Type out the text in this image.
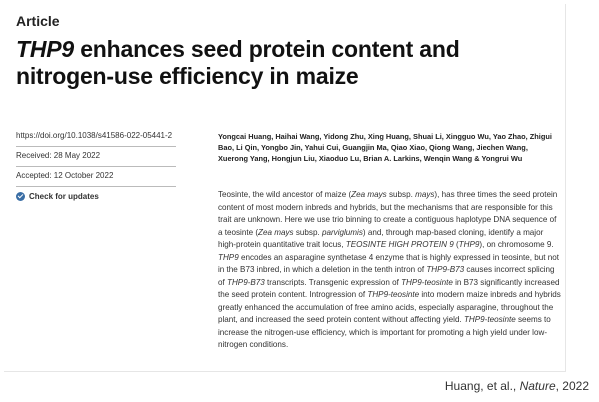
Article
THP9 enhances seed protein content and nitrogen-use efficiency in maize
https://doi.org/10.1038/s41586-022-05441-2
Received: 28 May 2022
Accepted: 12 October 2022
Check for updates
Yongcai Huang, Haihai Wang, Yidong Zhu, Xing Huang, Shuai Li, Xingguo Wu, Yao Zhao, Zhigui Bao, Li Qin, Yongbo Jin, Yahui Cui, Guangjin Ma, Qiao Xiao, Qiong Wang, Jiechen Wang, Xuerong Yang, Hongjun Liu, Xiaoduo Lu, Brian A. Larkins, Wenqin Wang & Yongrui Wu
Teosinte, the wild ancestor of maize (Zea mays subsp. mays), has three times the seed protein content of most modern inbreds and hybrids, but the mechanisms that are responsible for this trait are unknown. Here we use trio binning to create a contiguous haplotype DNA sequence of a teosinte (Zea mays subsp. parviglumis) and, through map-based cloning, identify a major high-protein quantitative trait locus, TEOSINTE HIGH PROTEIN 9 (THP9), on chromosome 9. THP9 encodes an asparagine synthetase 4 enzyme that is highly expressed in teosinte, but not in the B73 inbred, in which a deletion in the tenth intron of THP9-B73 causes incorrect splicing of THP9-B73 transcripts. Transgenic expression of THP9-teosinte in B73 significantly increased the seed protein content. Introgression of THP9-teosinte into modern maize inbreds and hybrids greatly enhanced the accumulation of free amino acids, especially asparagine, throughout the plant, and increased the seed protein content without affecting yield. THP9-teosinte seems to increase the nitrogen-use efficiency, which is important for promoting a high yield under low-nitrogen conditions.
Huang, et al., Nature, 2022
